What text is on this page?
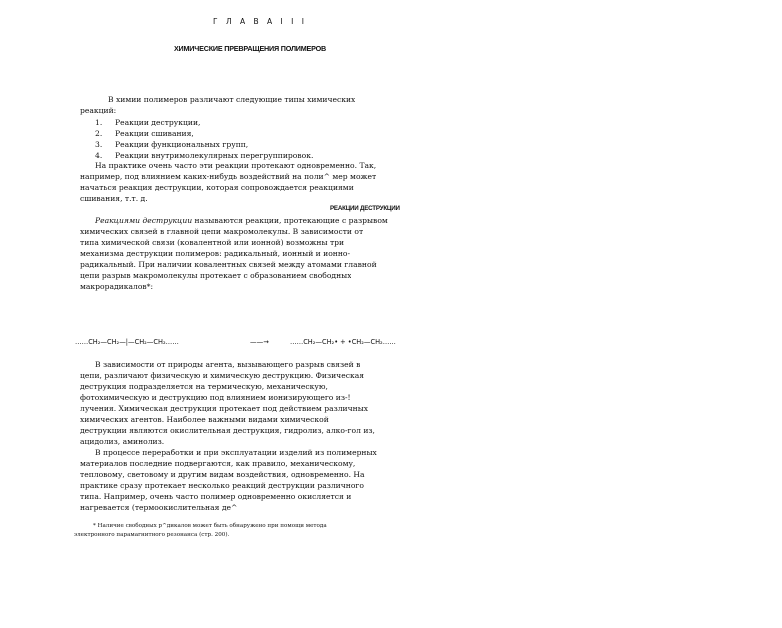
Г Л А В А I I I
ХИМИЧЕСКИЕ ПРЕВРАЩЕНИЯ ПОЛИМЕРОВ
В химии полимеров различают следующие типы химических
реакций:
1. Реакции деструкции,
2. Реакции сшивания,
3. Реакции функциональных групп,
4. Реакции внутримолекулярных перегруппировок.
На практике очень часто эти реакции протекают одновременно. Так,
например, под влиянием каких-нибудь воздействий на поли^ мер может
начаться реакция деструкции, которая сопровождается реакциями
сшивания, т.т. д.
РЕАКЦИИ ДЕСТРУКЦИИ
Реакциями деструкции называются реакции, протекающие с разрывом
химических связей в главной цепи макромолекулы. В зависимости от
типа химической связи (ковалентной или ионной) возможны три
механизма деструкции полимеров: радикальный, ионный и ионно-
радикальный. При наличии ковалентных связей между атомами главной
цепи разрыв макромолекулы протекает с образованием свободных
макрорадикалов*:
……CH₂—CH₂—|—CH₂—CH₂……	——→	……CH₂—CH₂• + •CH₂—CH₂……
В зависимости от природы агента, вызывающего разрыв связей в
цепи, различают физическую и химическую деструкцию. Физическая
деструкция подразделяется на термическую, механическую,
фотохимическую и деструкцию под влиянием ионизирующего из-!
лучения. Химическая деструкция протекает под действием различных
химических агентов. Наиболее важными видами химической
деструкции являются окислительная деструкция, гидролиз, алко-гол из,
ацидолиз, аминолиз.
В процессе переработки и при эксплуатации изделий из полимерных
материалов последние подвергаются, как правило, механическому,
тепловому, световому и другим видам воздействия, одновременно. На
практике сразу протекает несколько реакций деструкции различного
типа. Например, очень часто полимер одновременно окисляется и
нагревается (термоокислительная де^
* Наличие свободных р^дикалов может быть обнаружено при помощи метода
электронного парамагнитного резонанса (стр. 200).
